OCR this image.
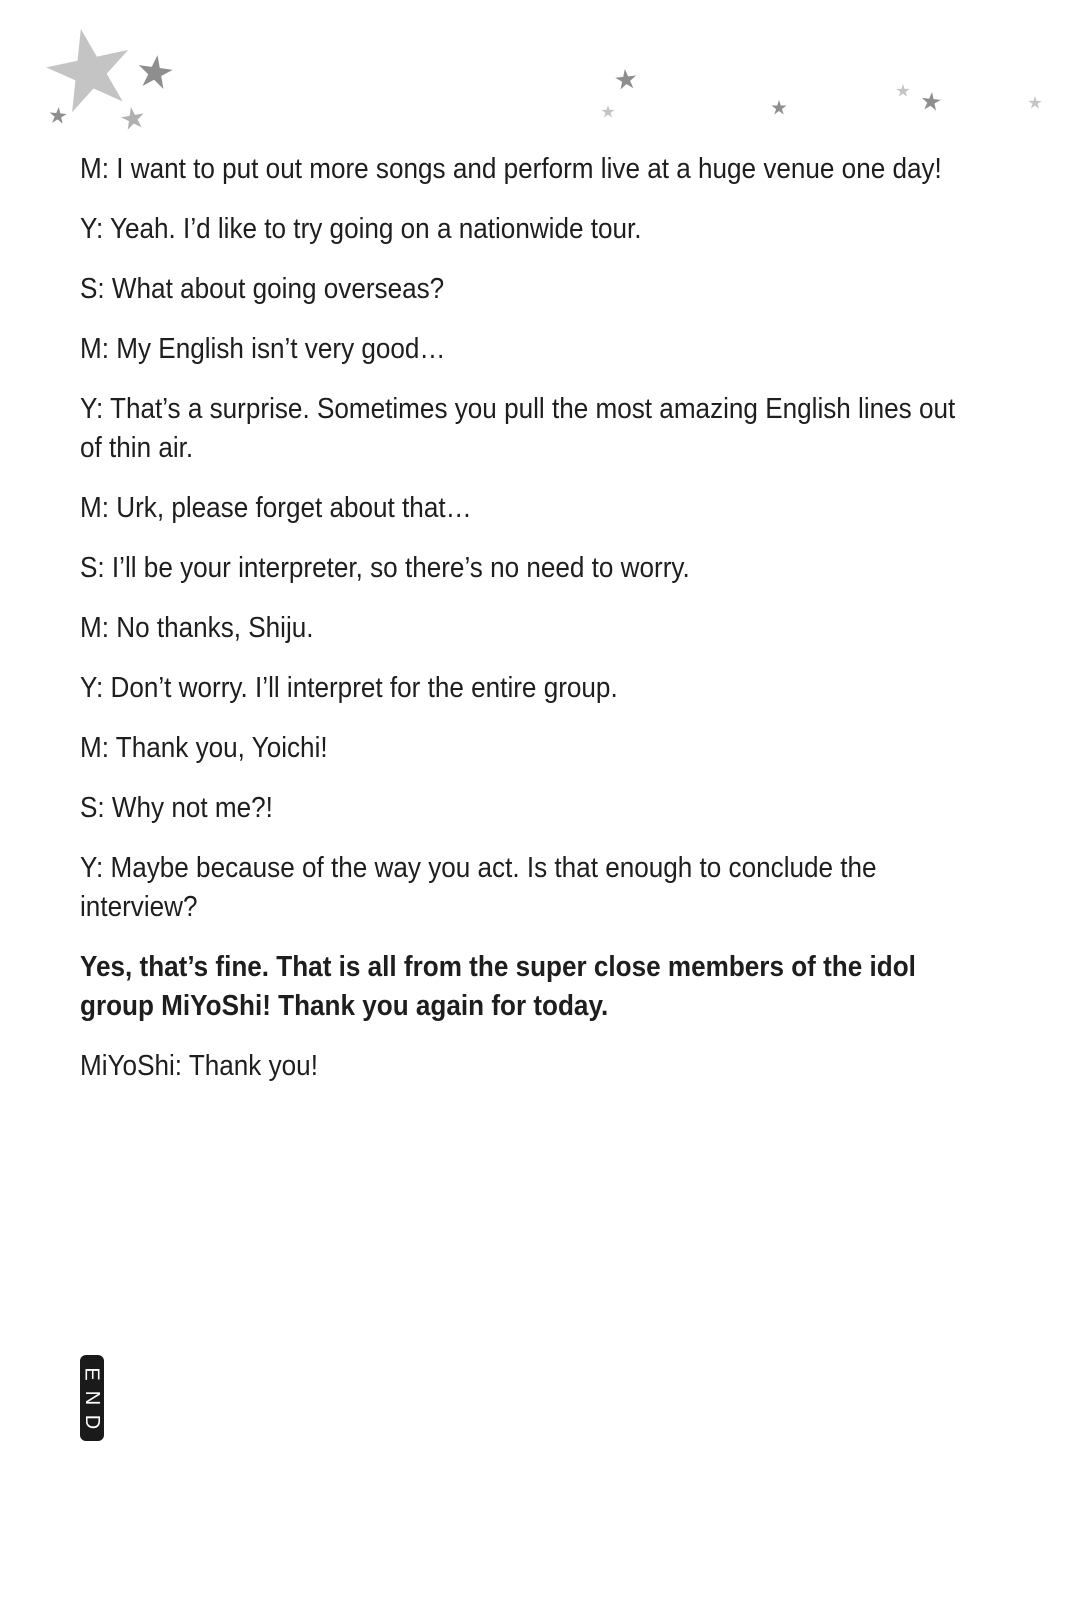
M: I want to put out more songs and perform live at a huge venue one day!

Y: Yeah. I’d like to try going on a nationwide tour.

S: What about going overseas?

M: My English isn’t very good…

Y: That’s a surprise. Sometimes you pull the most amazing English lines out of thin air.

M: Urk, please forget about that…

S: I’ll be your interpreter, so there’s no need to worry.

M: No thanks, Shiju.

Y: Don’t worry. I’ll interpret for the entire group.

M: Thank you, Yoichi!

S: Why not me?!

Y: Maybe because of the way you act. Is that enough to conclude the interview?

Yes, that’s fine. That is all from the super close members of the idol group MiYoShi! Thank you again for today.

MiYoShi: Thank you!

E
N
D
